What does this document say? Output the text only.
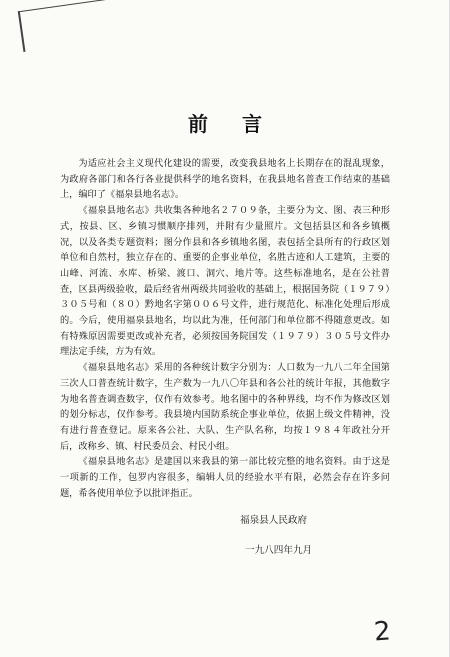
前言

为适应社会主义现代化建设的需要，改变我县地名上长期存在的混乱现象，为政府各部门和各行各业提供科学的地名资料，在我县地名普查工作结束的基础上，编印了《福泉县地名志》。

《福泉县地名志》共收集各种地名２７０９条，主要分为文、图、表三种形式，按县、区、乡镇习惯顺序排列，并附有少量照片。文包括县区和各乡镇概况，以及各类专题资料；图分作县和各乡镇地名图，表包括全县所有的行政区划单位和自然村，独立存在的、重要的企事业单位，名胜古迹和人工建筑，主要的山峰、河流、水库、桥梁、渡口、洞穴、地片等。这些标准地名，是在公社普查，区县两级验收，最后经省州两级共同验收的基础上，根据国务院（１９７９）３０５号和（８０）黔地名字第００６号文件，进行规范化、标准化处理后形成的。今后，使用福泉县地名，均以此为准，任何部门和单位都不得随意更改。如有特殊原因需要更改或补充者，必须按国务院国发（１９７９）３０５号文件办理法定手续，方为有效。

《福泉县地名志》采用的各种统计数字分别为：人口数为一九八二年全国第三次人口普查统计数字，生产数为一九八〇年县和各公社的统计年报，其他数字为地名普查调查数字，仅作有效参考。地名图中的各种界线，均不作为修改区划的划分标志，仅作参考。我县境内国防系统企事业单位，依据上级文件精神，没有进行普查登记。原来各公社、大队、生产队名称，均按１９８４年政社分开后，改称乡、镇、村民委员会、村民小组。

《福泉县地名志》是建国以来我县的第一部比较完整的地名资料。由于这是一项新的工作，包罗内容很多，编辑人员的经验水平有限，必然会存在许多问题，希各使用单位予以批评指正。

福泉县人民政府
一九八四年九月
2
